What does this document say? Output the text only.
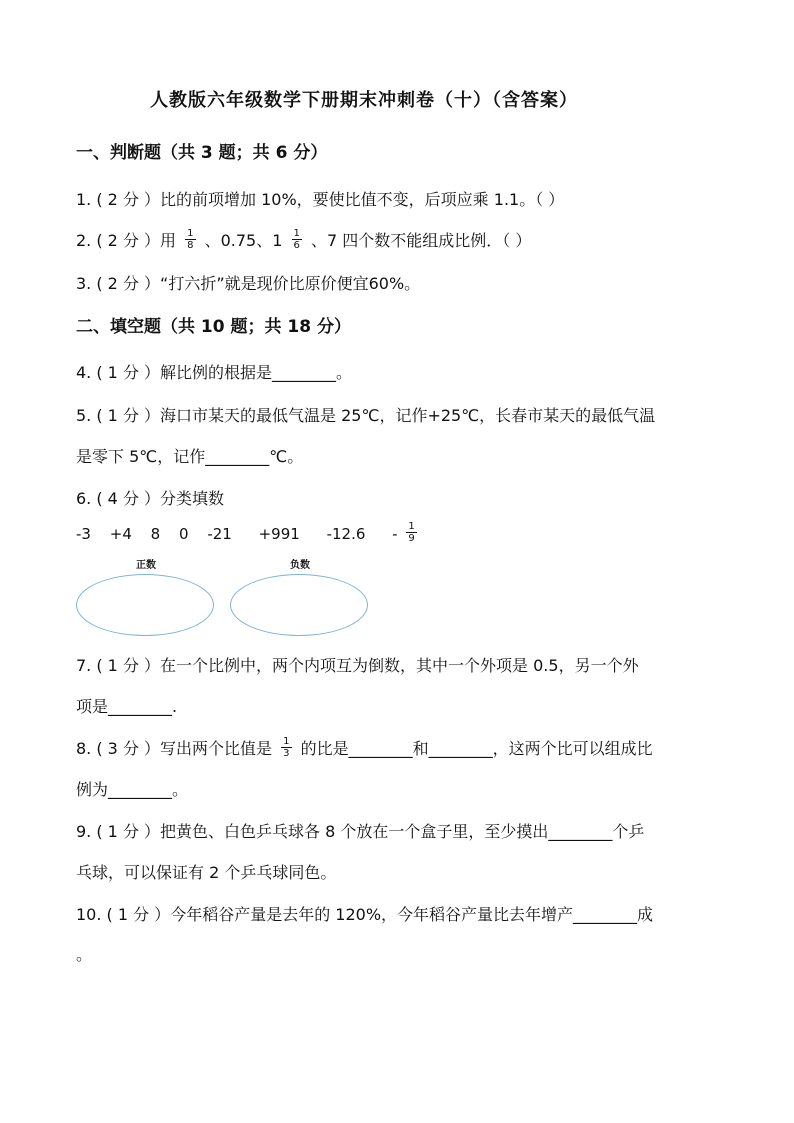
人教版六年级数学下册期末冲刺卷（十）（含答案）
一、判断题（共 3 题；共 6 分）
1. ( 2 分 ）比的前项增加 10%，要使比值不变，后项应乘 1.1。（ ）
2. ( 2 分 ）用 $\frac{1}{8}$ 、0.75、$1 \frac{1}{6}$ 、7 四个数不能组成比例．（ ）
3. ( 2 分 ）“打六折”就是现价比原价便宜60%。
二、填空题（共 10 题；共 18 分）
4. ( 1 分 ）解比例的根据是________。
5. ( 1 分 ）海口市某天的最低气温是 25℃，记作+25℃，长春市某天的最低气温
是零下 5℃，记作________℃。
6. ( 4 分 ）分类填数
-3 +4 8 0 -21 +991 $-12.6 - \frac{1}{9}$
正数	负数
7. ( 1 分 ）在一个比例中，两个内项互为倒数，其中一个外项是 0.5，另一个外
项是________.
8. ( 3 分 ）写出两个比值是 $\frac{1}{3}$ 的比是________和________，这两个比可以组成比
例为________。
9. ( 1 分 ）把黄色、白色乒乓球各 8 个放在一个盒子里，至少摸出________个乒
乓球，可以保证有 2 个乒乓球同色。
10. ( 1 分 ）今年稻谷产量是去年的 120%，今年稻谷产量比去年增产________成
。
